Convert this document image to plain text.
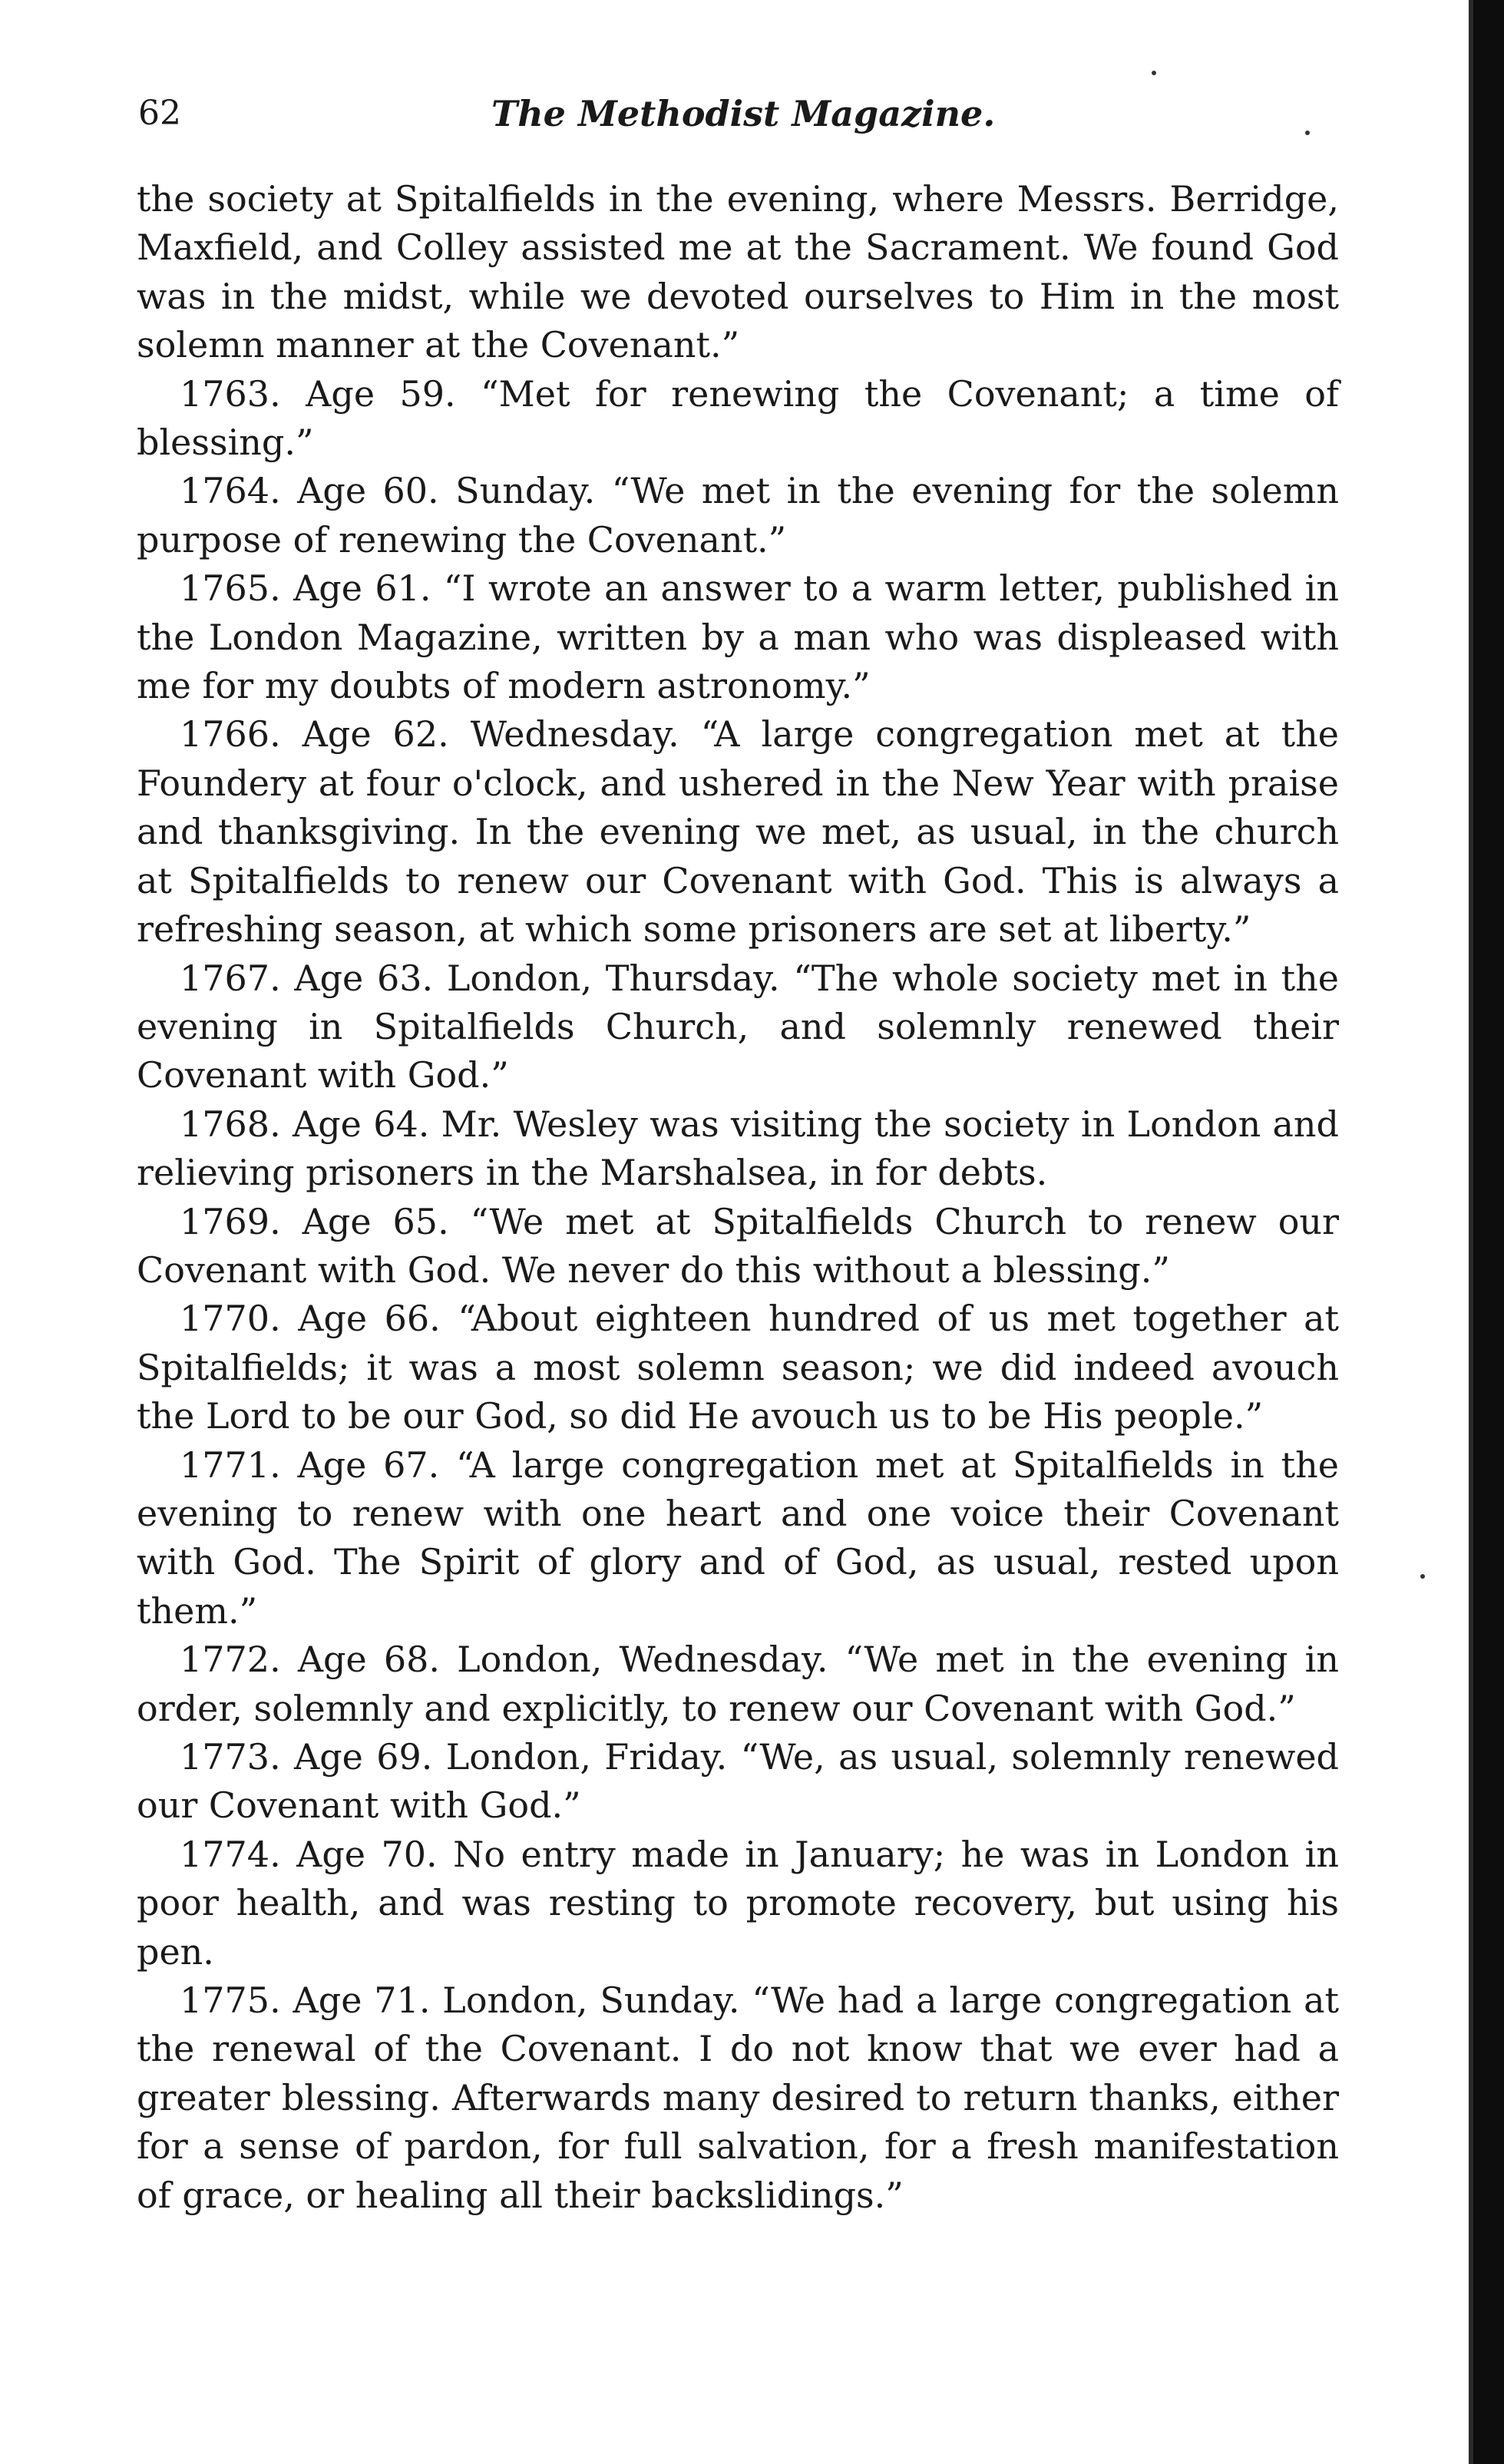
62	The Methodist Magazine.

the society at Spitalfields in the evening, where Messrs. Berridge, Maxfield, and Colley assisted me at the Sacrament. We found God was in the midst, while we devoted ourselves to Him in the most solemn manner at the Covenant.”

1763. Age 59. “Met for renewing the Covenant; a time of blessing.”

1764. Age 60. Sunday. “We met in the evening for the solemn purpose of renewing the Covenant.”

1765. Age 61. “I wrote an answer to a warm letter, published in the London Magazine, written by a man who was displeased with me for my doubts of modern astronomy.”

1766. Age 62. Wednesday. “A large congregation met at the Foundery at four o'clock, and ushered in the New Year with praise and thanksgiving. In the evening we met, as usual, in the church at Spitalfields to renew our Covenant with God. This is always a refreshing season, at which some prisoners are set at liberty.”

1767. Age 63. London, Thursday. “The whole society met in the evening in Spitalfields Church, and solemnly renewed their Covenant with God.”

1768. Age 64. Mr. Wesley was visiting the society in London and relieving prisoners in the Marshalsea, in for debts.

1769. Age 65. “We met at Spitalfields Church to renew our Covenant with God. We never do this without a blessing.”

1770. Age 66. “About eighteen hundred of us met together at Spitalfields; it was a most solemn season; we did indeed avouch the Lord to be our God, so did He avouch us to be His people.”

1771. Age 67. “A large congregation met at Spitalfields in the evening to renew with one heart and one voice their Covenant with God. The Spirit of glory and of God, as usual, rested upon them.”

1772. Age 68. London, Wednesday. “We met in the evening in order, solemnly and explicitly, to renew our Covenant with God.”

1773. Age 69. London, Friday. “We, as usual, solemnly renewed our Covenant with God.”

1774. Age 70. No entry made in January; he was in London in poor health, and was resting to promote recovery, but using his pen.

1775. Age 71. London, Sunday. “We had a large congregation at the renewal of the Covenant. I do not know that we ever had a greater blessing. Afterwards many desired to return thanks, either for a sense of pardon, for full salvation, for a fresh manifestation of grace, or healing all their backslidings.”
